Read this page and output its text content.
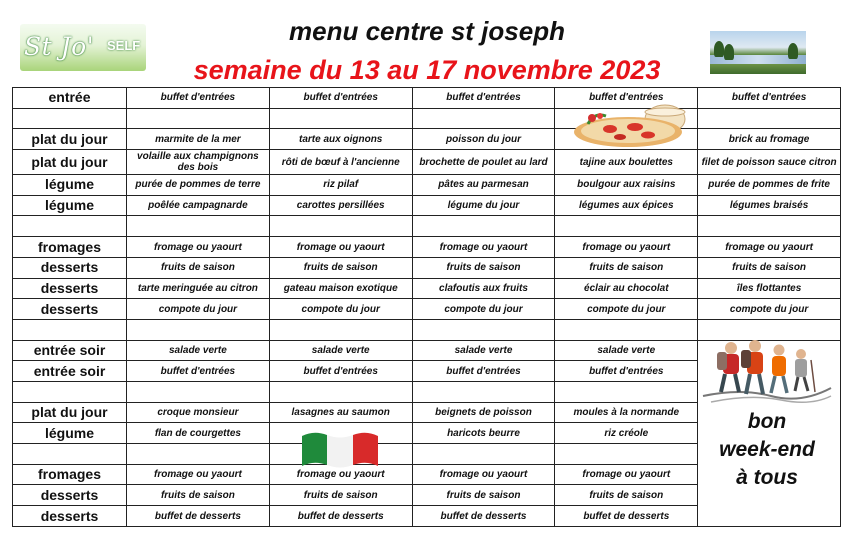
St Jo' SELF	menu centre st joseph
semaine du 13 au 17 novembre 2023
entrée	buffet d'entrées	buffet d'entrées	buffet d'entrées	buffet d'entrées	buffet d'entrées

plat du jour	marmite de la mer	tarte aux oignons	poisson du jour		brick au fromage
plat du jour	volaille aux champignons des bois	rôti de bœuf à l'ancienne	brochette de poulet au lard	tajine aux boulettes	filet de poisson sauce citron
légume	purée de pommes de terre	riz pilaf	pâtes au parmesan	boulgour aux raisins	purée de pommes de frite
légume	poêlée campagnarde	carottes persillées	légume du jour	légumes aux épices	légumes braisés

fromages	fromage ou yaourt	fromage ou yaourt	fromage ou yaourt	fromage ou yaourt	fromage ou yaourt
desserts	fruits de saison	fruits de saison	fruits de saison	fruits de saison	fruits de saison
desserts	tarte meringuée au citron	gateau maison exotique	clafoutis aux fruits	éclair au chocolat	îles flottantes
desserts	compote du jour	compote du jour	compote du jour	compote du jour	compote du jour

entrée soir	salade verte	salade verte	salade verte	salade verte	
entrée soir	buffet d'entrées	buffet d'entrées	buffet d'entrées	buffet d'entrées	

plat du jour	croque monsieur	lasagnes au saumon	beignets de poisson	moules à la normande	
légume	flan de courgettes		haricots beurre	riz créole	

fromages	fromage ou yaourt	fromage ou yaourt	fromage ou yaourt	fromage ou yaourt	
desserts	fruits de saison	fruits de saison	fruits de saison	fruits de saison	
desserts	buffet de desserts	buffet de desserts	buffet de desserts	buffet de desserts	
bon
week-end
à tous
